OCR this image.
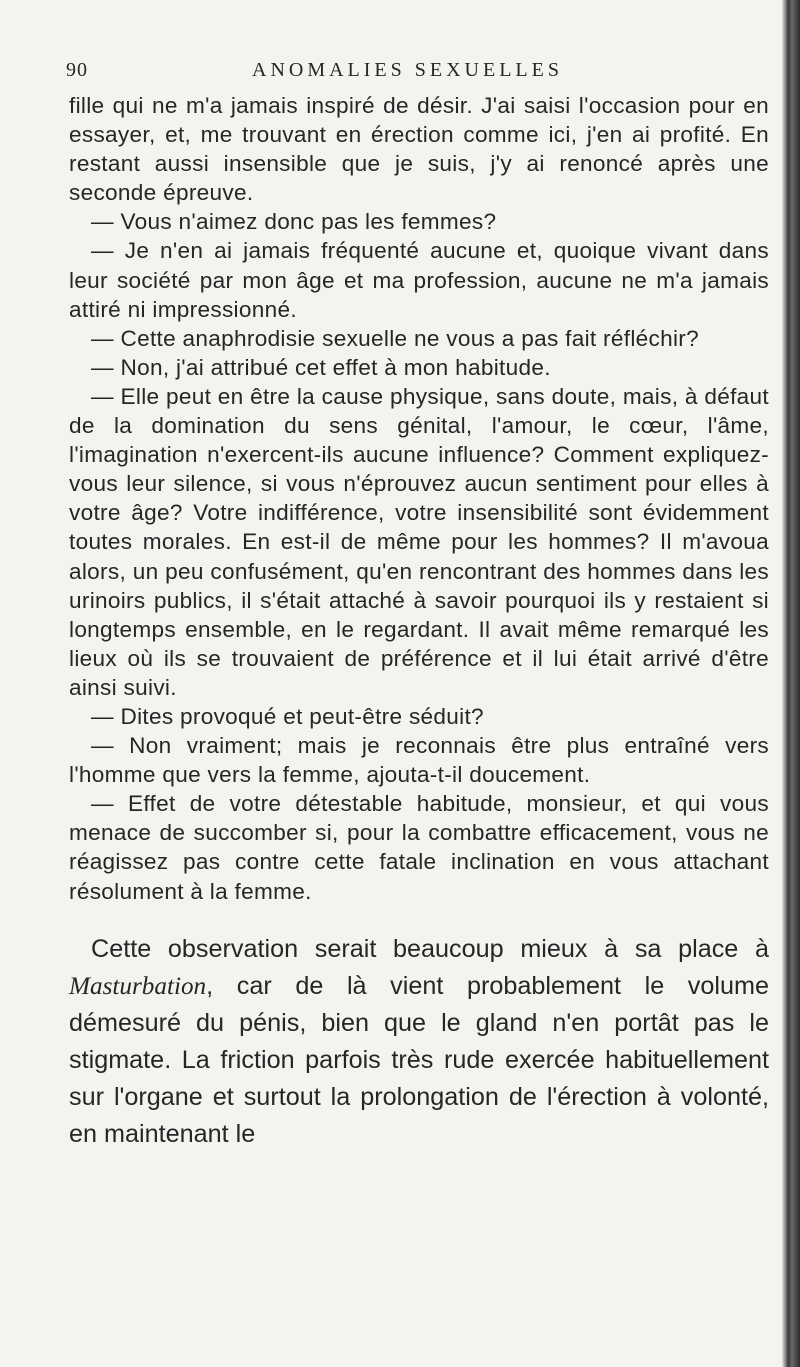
90	ANOMALIES SEXUELLES

fille qui ne m'a jamais inspiré de désir. J'ai saisi l'occasion pour en essayer, et, me trouvant en érection comme ici, j'en ai profité. En restant aussi insensible que je suis, j'y ai renoncé après une seconde épreuve.

— Vous n'aimez donc pas les femmes?

— Je n'en ai jamais fréquenté aucune et, quoique vivant dans leur société par mon âge et ma profession, aucune ne m'a jamais attiré ni impressionné.

— Cette anaphrodisie sexuelle ne vous a pas fait réfléchir?

— Non, j'ai attribué cet effet à mon habitude.

— Elle peut en être la cause physique, sans doute, mais, à défaut de la domination du sens génital, l'amour, le cœur, l'âme, l'imagination n'exercent-ils aucune influence? Comment expliquez-vous leur silence, si vous n'éprouvez aucun sentiment pour elles à votre âge? Votre indifférence, votre insensibilité sont évidemment toutes morales. En est-il de même pour les hommes? Il m'avoua alors, un peu confusément, qu'en rencontrant des hommes dans les urinoirs publics, il s'était attaché à savoir pourquoi ils y restaient si longtemps ensemble, en le regardant. Il avait même remarqué les lieux où ils se trouvaient de préférence et il lui était arrivé d'être ainsi suivi.

— Dites provoqué et peut-être séduit?

— Non vraiment; mais je reconnais être plus entraîné vers l'homme que vers la femme, ajouta-t-il doucement.

— Effet de votre détestable habitude, monsieur, et qui vous menace de succomber si, pour la combattre efficacement, vous ne réagissez pas contre cette fatale inclination en vous attachant résolument à la femme.

Cette observation serait beaucoup mieux à sa place à Masturbation, car de là vient probablement le volume démesuré du pénis, bien que le gland n'en portât pas le stigmate. La friction parfois très rude exercée habituellement sur l'organe et surtout la prolongation de l'érection à volonté, en maintenant le
